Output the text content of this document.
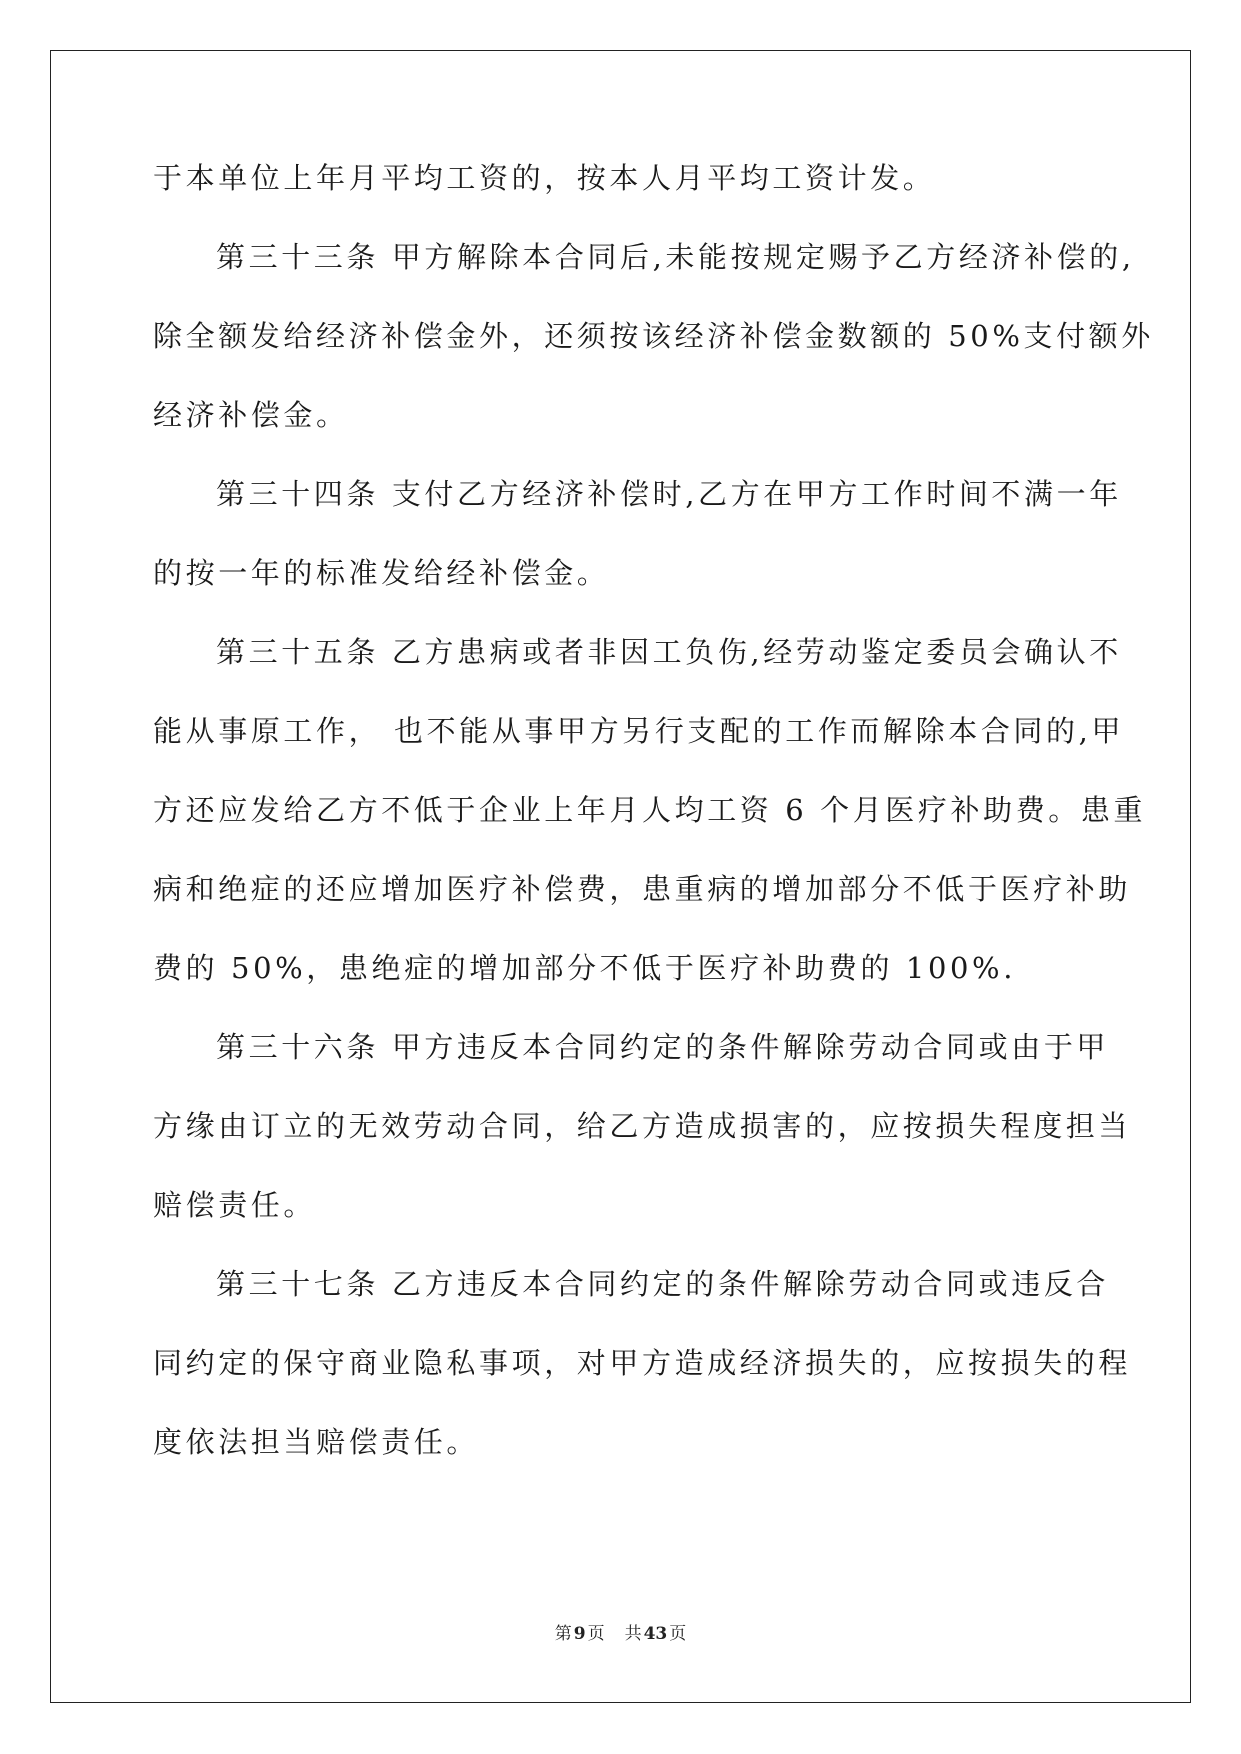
于本单位上年月平均工资的，按本人月平均工资计发。
第三十三条 甲方解除本合同后,未能按规定赐予乙方经济补偿的,
除全额发给经济补偿金外，还须按该经济补偿金数额的 50%支付额外
经济补偿金。
第三十四条 支付乙方经济补偿时,乙方在甲方工作时间不满一年
的按一年的标准发给经补偿金。
第三十五条 乙方患病或者非因工负伤,经劳动鉴定委员会确认不
能从事原工作， 也不能从事甲方另行支配的工作而解除本合同的,甲
方还应发给乙方不低于企业上年月人均工资 6 个月医疗补助费。患重
病和绝症的还应增加医疗补偿费，患重病的增加部分不低于医疗补助
费的 50%，患绝症的增加部分不低于医疗补助费的 100%.
第三十六条 甲方违反本合同约定的条件解除劳动合同或由于甲
方缘由订立的无效劳动合同，给乙方造成损害的，应按损失程度担当
赔偿责任。
第三十七条 乙方违反本合同约定的条件解除劳动合同或违反合
同约定的保守商业隐私事项，对甲方造成经济损失的，应按损失的程
度依法担当赔偿责任。
第 9 页 共 43 页
